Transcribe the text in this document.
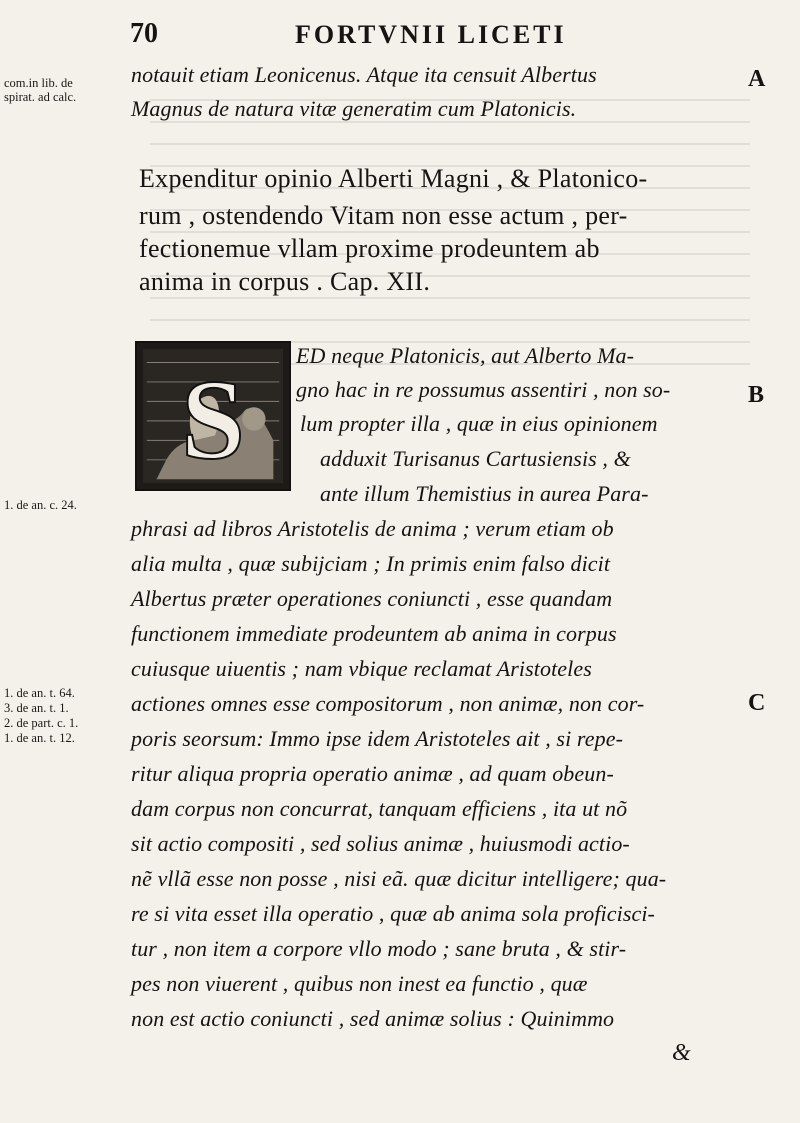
70	FORTVNII LICETI
com.in lib. de
spirat. ad calc.
1. de an. c. 24.
1. de an. t. 64.
3. de an. t. 1.
2. de part. c. 1.
1. de an. t. 12.
A
B
C
notauit etiam Leonicenus. Atque ita censuit Albertus
Magnus de natura vitæ generatim cum Platonicis.
Expenditur opinio Alberti Magni , & Platonico-
rum , ostendendo Vitam non esse actum , per-
fectionemue vllam proxime prodeuntem ab
anima in corpus . Cap. XII.
S
ED neque Platonicis, aut Alberto Ma-
gno hac in re possumus assentiri , non so-
lum propter illa , quæ in eius opinionem
adduxit Turisanus Cartusiensis , &
ante illum Themistius in aurea Para-
phrasi ad libros Aristotelis de anima ; verum etiam ob
alia multa , quæ subijciam ; In primis enim falso dicit
Albertus præter operationes coniuncti , esse quandam
functionem immediate prodeuntem ab anima in corpus
cuiusque uiuentis ; nam vbique reclamat Aristoteles
actiones omnes esse compositorum , non animæ, non cor-
poris seorsum: Immo ipse idem Aristoteles ait , si repe-
ritur aliqua propria operatio animæ , ad quam obeun-
dam corpus non concurrat, tanquam efficiens , ita ut nõ
sit actio compositi , sed solius animæ , huiusmodi actio-
nẽ vllã esse non posse , nisi eã. quæ dicitur intelligere; qua-
re si vita esset illa operatio , quæ ab anima sola proficisci-
tur , non item a corpore vllo modo ; sane bruta , & stir-
pes non viuerent , quibus non inest ea functio , quæ
non est actio coniuncti , sed animæ solius : Quinimmo
&
